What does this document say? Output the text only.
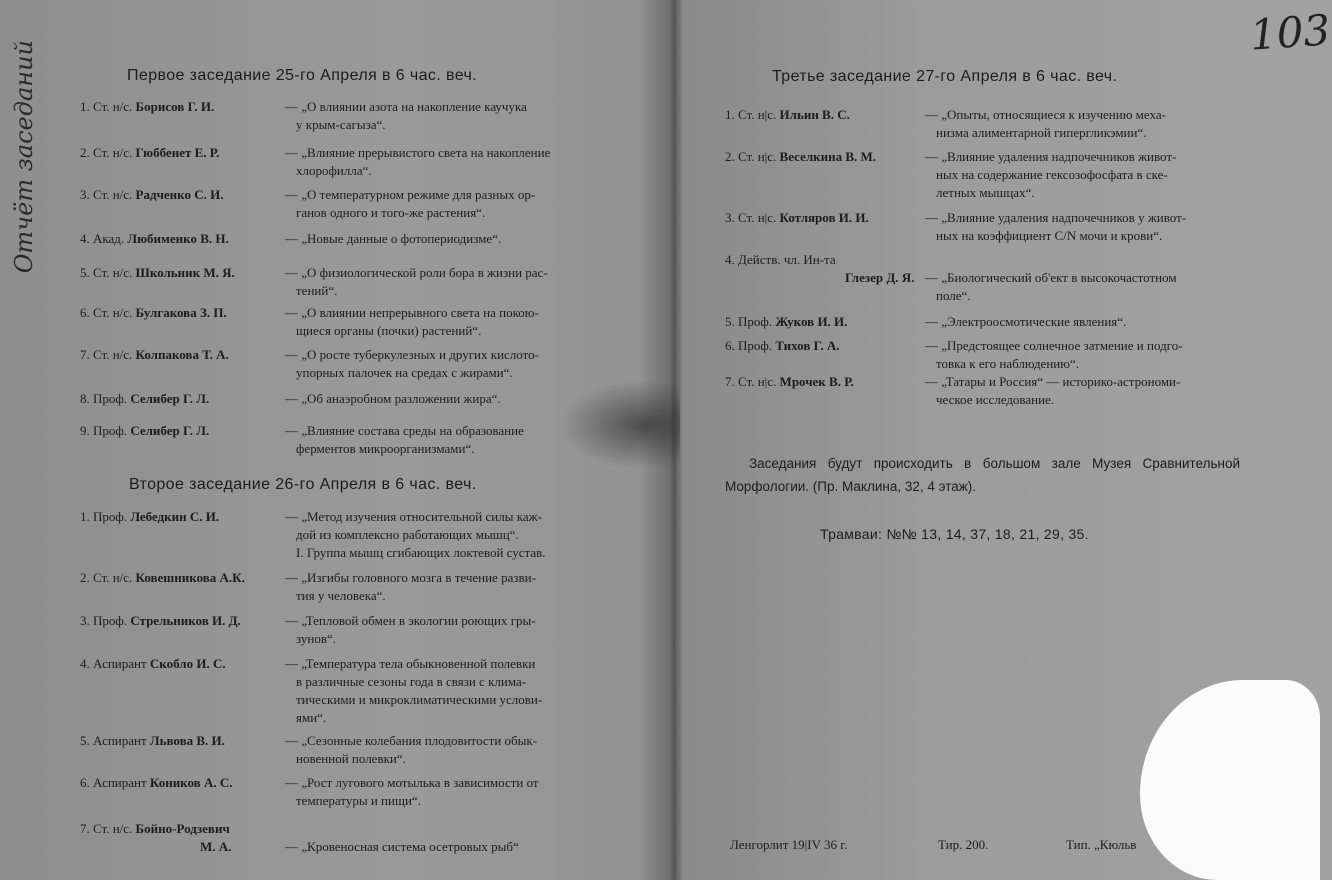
103
Отчёт заседаний	Первое заседание 25-го Апреля в 6 час. веч.
Второе заседание 26-го Апреля в 6 час. веч.
Третье заседание 27-го Апреля в 6 час. веч.
1. Ст. н/с. Борисов Г. И.	— „О влиянии азота на накопление каучука
у крым-сагыза“.
2. Ст. н/с. Гюббенет Е. Р.	— „Влияние прерывистого света на накопление
хлорофилла“.
3. Ст. н/с. Радченко С. И.	— „О температурном режиме для разных ор-
ганов одного и того-же растения“.
4. Акад. Любименко В. Н.	— „Новые данные о фотопериодизме“.
5. Ст. н/с. Школьник М. Я.	— „О физиологической роли бора в жизни рас-
тений“.
6. Ст. н/с. Булгакова З. П.	— „О влиянии непрерывного света на покою-
щиеся органы (почки) растений“.
7. Ст. н/с. Колпакова Т. А.	— „О росте туберкулезных и других кислото-
упорных палочек на средах с жирами“.
8. Проф. Селибер Г. Л.	— „Об анаэробном разложении жира“.
9. Проф. Селибер Г. Л.	— „Влияние состава среды на образование
ферментов микроорганизмами“.
1. Проф. Лебедкин С. И.	— „Метод изучения относительной силы каж-
дой из комплексно работающих мышц“.
I. Группа мышц сгибающих локтевой сустав.
2. Ст. н/с. Ковешникова А.К.	— „Изгибы головного мозга в течение разви-
тия у человека“.
3. Проф. Стрельников И. Д.	— „Тепловой обмен в экологии роющих гры-
зунов“.
4. Аспирант Скобло И. С.	— „Температура тела обыкновенной полевки
в различные сезоны года в связи с клима-
тическими и микроклиматическими услови-
ями“.
5. Аспирант Львова В. И.	— „Сезонные колебания плодовитости обык-
новенной полевки“.
6. Аспирант Коников А. С.	— „Рост лугового мотылька в зависимости от
температуры и пищи“.
7. Ст. н/с. Бойно-Родзевич
М. А.	— „Кровеносная система осетровых рыб“
1. Ст. н|с. Ильин В. С.	— „Опыты, относящиеся к изучению меха-
низма алиментарной гипергликэмии“.
2. Ст. н|с. Веселкина В. М.	— „Влияние удаления надпочечников живот-
ных на содержание гексозофосфата в ске-
летных мышцах“.
3. Ст. н|с. Котляров И. И.	— „Влияние удаления надпочечников у живот-
ных на коэффициент C/N мочи и крови“.
4. Действ. чл. Ин-та
Глезер Д. Я. — „Биологический об'ект в высокочастотном
поле“.
5. Проф. Жуков И. И.	— „Электроосмотические явления“.
6. Проф. Тихов Г. А.	— „Предстоящее солнечное затмение и подго-
товка к его наблюдению“.
7. Ст. н|с. Мрочек В. Р.	— „Татары и Россия“ — историко-астрономи-
ческое исследование.
Заседания будут происходить в большом зале Музея Сравнительной Морфологии. (Пр. Маклина, 32, 4 этаж).
Трамваи: №№ 13, 14, 37, 18, 21, 29, 35.
Ленгорлит 19|IV 36 г.	Тир. 200.	Тип. „Кюльв
